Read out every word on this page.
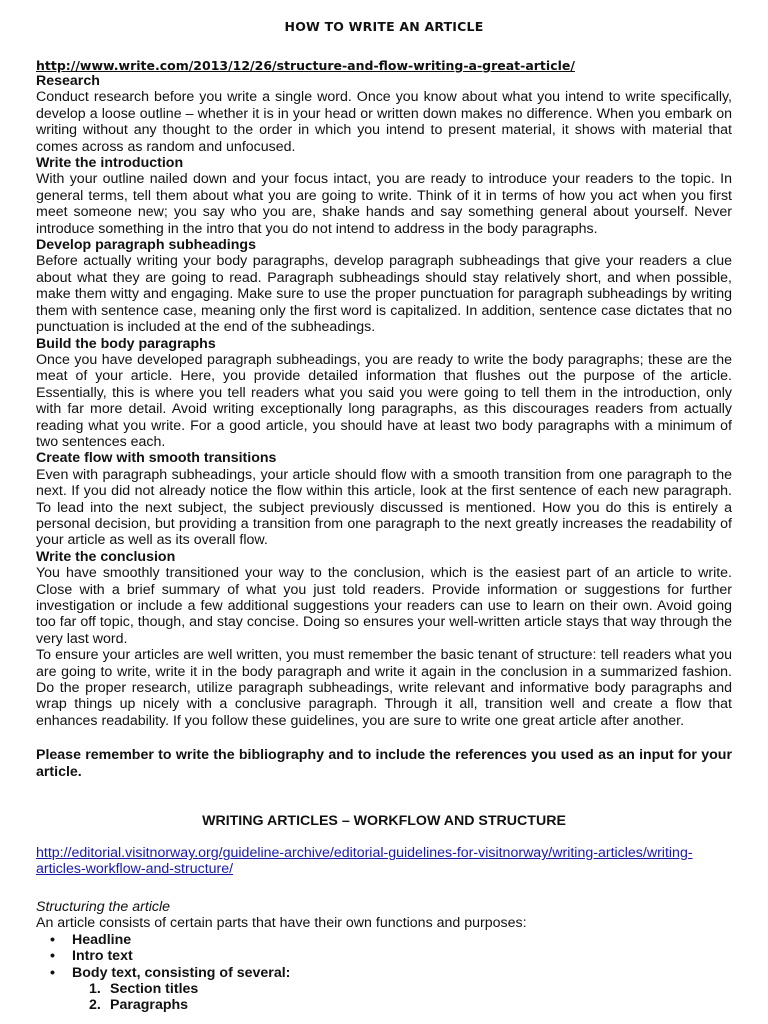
HOW TO WRITE AN ARTICLE
http://www.write.com/2013/12/26/structure-and-flow-writing-a-great-article/

Research

Conduct research before you write a single word. Once you know about what you intend to write specifically, develop a loose outline – whether it is in your head or written down makes no difference. When you embark on writing without any thought to the order in which you intend to present material, it shows with material that comes across as random and unfocused.

Write the introduction

With your outline nailed down and your focus intact, you are ready to introduce your readers to the topic. In general terms, tell them about what you are going to write. Think of it in terms of how you act when you first meet someone new; you say who you are, shake hands and say something general about yourself. Never introduce something in the intro that you do not intend to address in the body paragraphs.

Develop paragraph subheadings

Before actually writing your body paragraphs, develop paragraph subheadings that give your readers a clue about what they are going to read. Paragraph subheadings should stay relatively short, and when possible, make them witty and engaging. Make sure to use the proper punctuation for paragraph subheadings by writing them with sentence case, meaning only the first word is capitalized. In addition, sentence case dictates that no punctuation is included at the end of the subheadings.

Build the body paragraphs

Once you have developed paragraph subheadings, you are ready to write the body paragraphs; these are the meat of your article. Here, you provide detailed information that flushes out the purpose of the article. Essentially, this is where you tell readers what you said you were going to tell them in the introduction, only with far more detail. Avoid writing exceptionally long paragraphs, as this discourages readers from actually reading what you write. For a good article, you should have at least two body paragraphs with a minimum of two sentences each.

Create flow with smooth transitions

Even with paragraph subheadings, your article should flow with a smooth transition from one paragraph to the next. If you did not already notice the flow within this article, look at the first sentence of each new paragraph. To lead into the next subject, the subject previously discussed is mentioned. How you do this is entirely a personal decision, but providing a transition from one paragraph to the next greatly increases the readability of your article as well as its overall flow.

Write the conclusion

You have smoothly transitioned your way to the conclusion, which is the easiest part of an article to write. Close with a brief summary of what you just told readers. Provide information or suggestions for further investigation or include a few additional suggestions your readers can use to learn on their own. Avoid going too far off topic, though, and stay concise. Doing so ensures your well-written article stays that way through the very last word.

To ensure your articles are well written, you must remember the basic tenant of structure: tell readers what you are going to write, write it in the body paragraph and write it again in the conclusion in a summarized fashion. Do the proper research, utilize paragraph subheadings, write relevant and informative body paragraphs and wrap things up nicely with a conclusive paragraph. Through it all, transition well and create a flow that enhances readability. If you follow these guidelines, you are sure to write one great article after another.

Please remember to write the bibliography and to include the references you used as an input for your article.

WRITING ARTICLES – WORKFLOW AND STRUCTURE
http://editorial.visitnorway.org/guideline-archive/editorial-guidelines-for-visitnorway/writing-articles/writing-articles-workflow-and-structure/
Structuring the article
An article consists of certain parts that have their own functions and purposes:
• Headline
• Intro text
• Body text, consisting of several:
1. Section titles
2. Paragraphs
